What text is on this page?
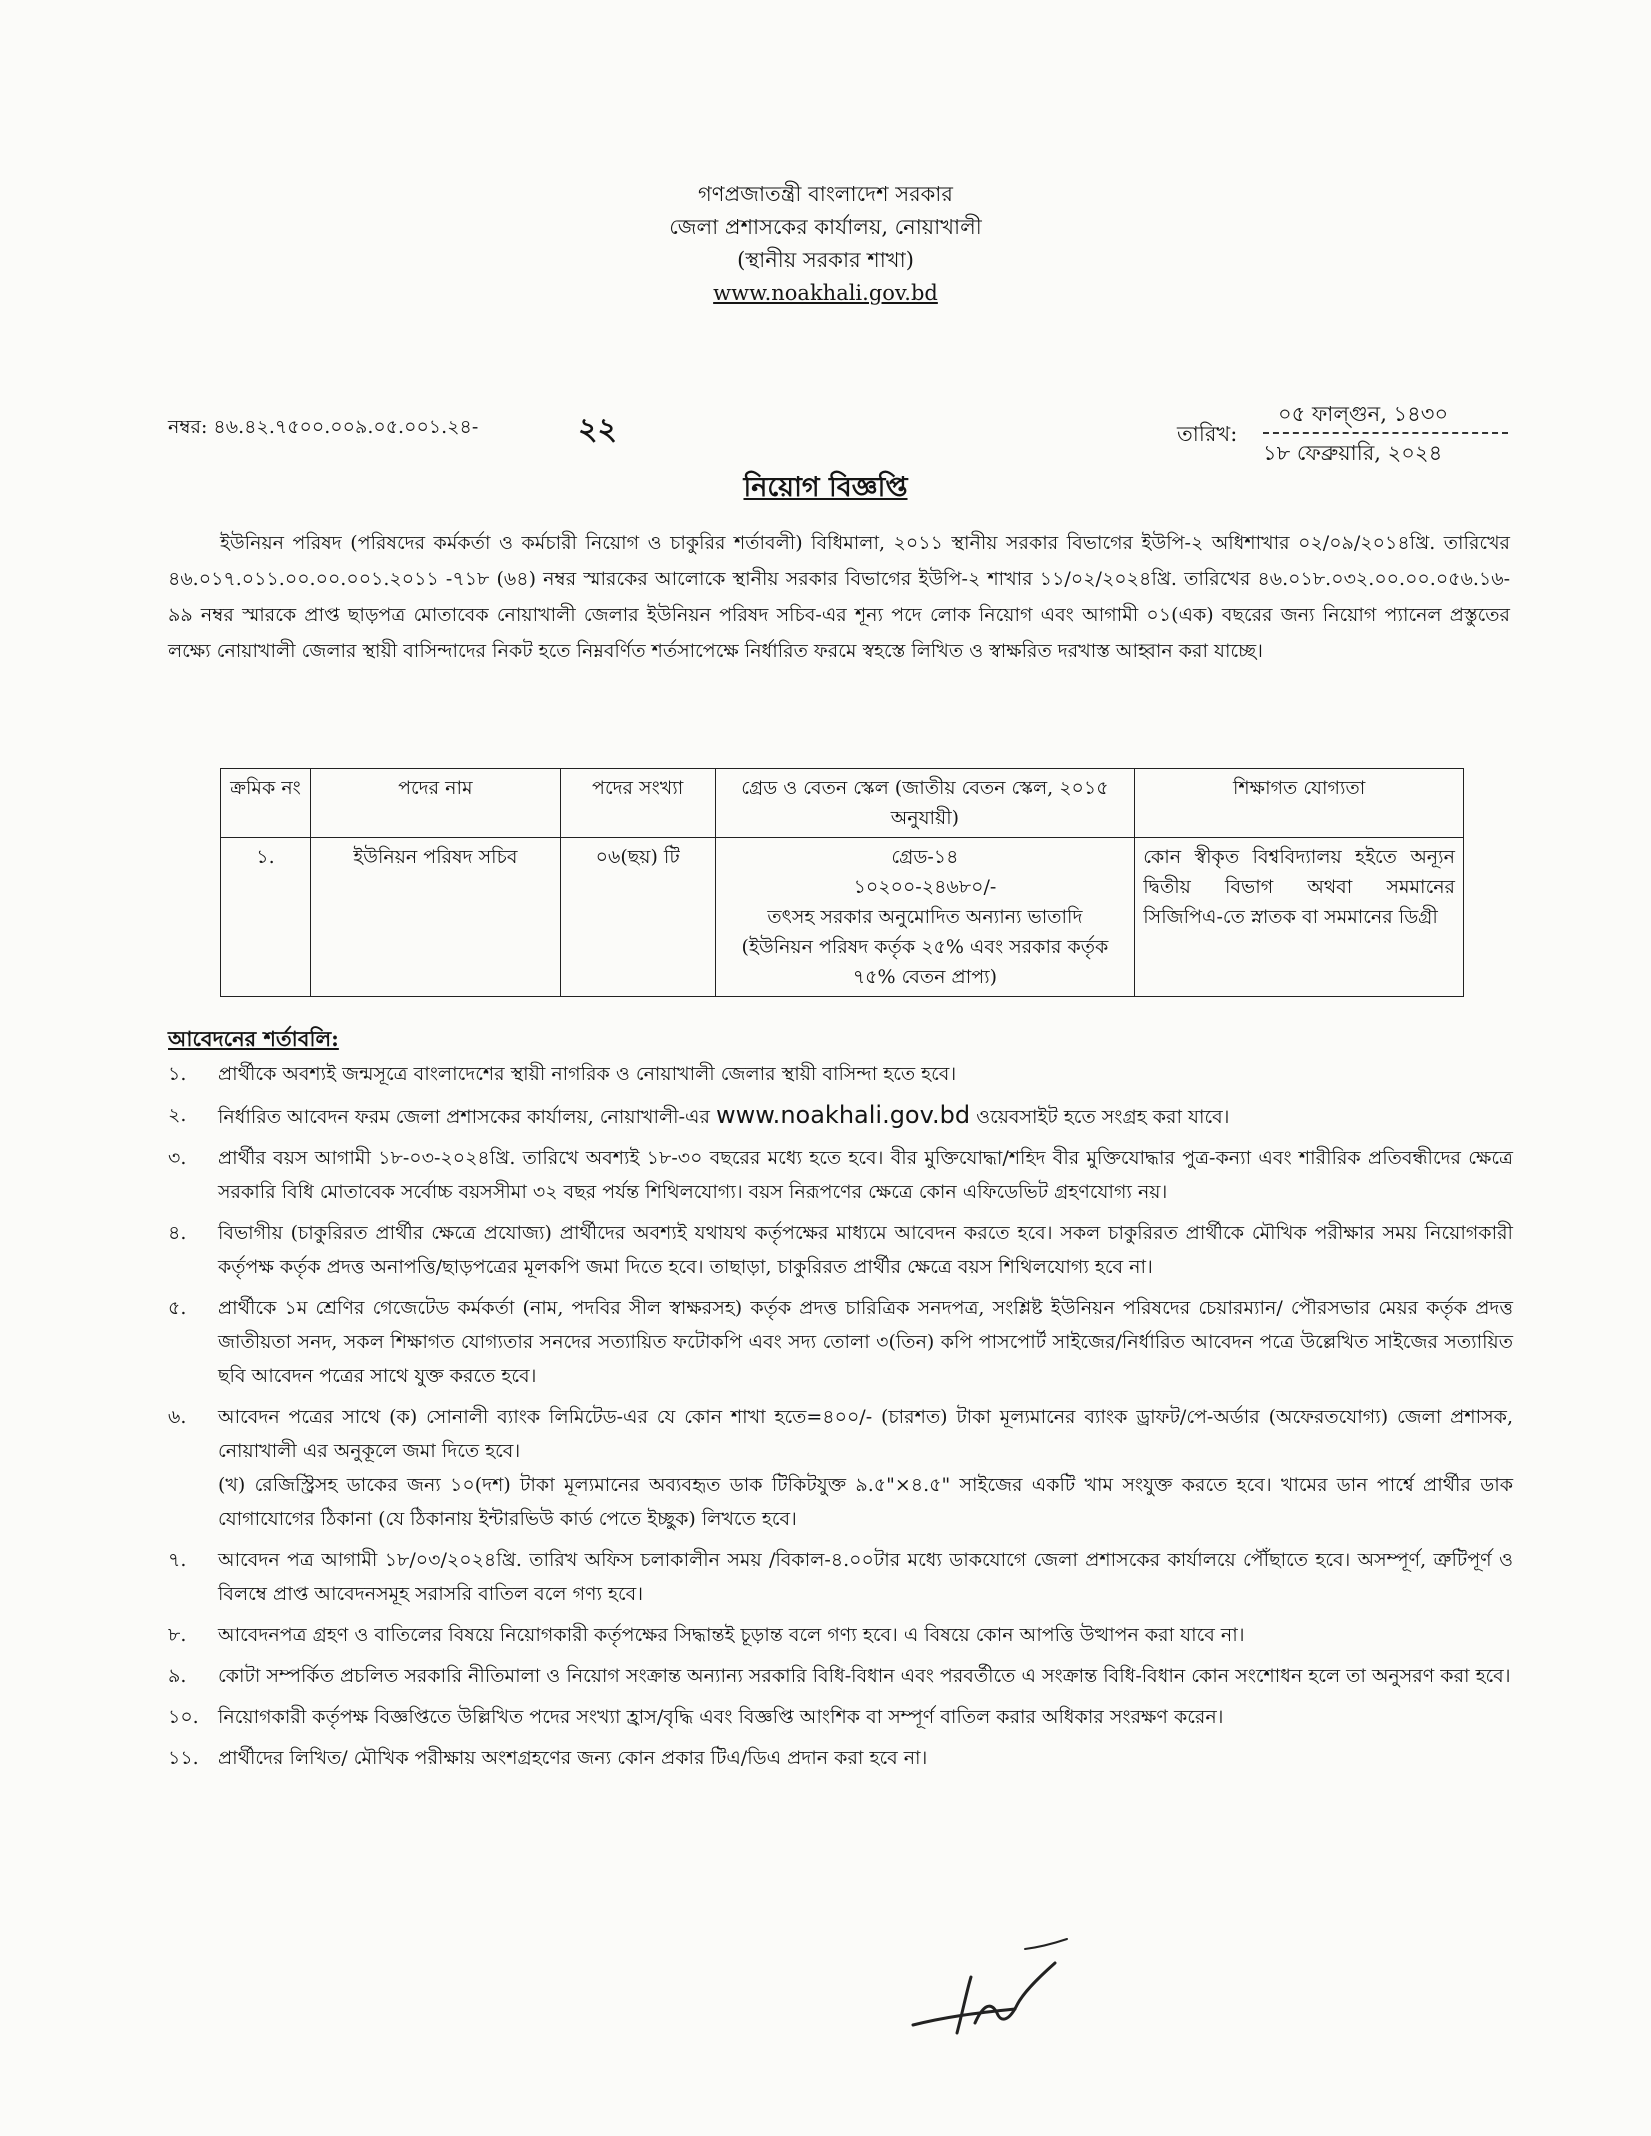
গণপ্রজাতন্ত্রী বাংলাদেশ সরকার
জেলা প্রশাসকের কার্যালয়, নোয়াখালী
(স্থানীয় সরকার শাখা)
www.noakhali.gov.bd
নম্বর: ৪৬.৪২.৭৫০০.০০৯.০৫.০০১.২৪-	২২	তারিখ:
০৫ ফাল্গুন, ১৪৩০
১৮ ফেব্রুয়ারি, ২০২৪
নিয়োগ বিজ্ঞপ্তি
ইউনিয়ন পরিষদ (পরিষদের কর্মকর্তা ও কর্মচারী নিয়োগ ও চাকুরির শর্তাবলী) বিধিমালা, ২০১১ স্থানীয় সরকার বিভাগের ইউপি-২ অধিশাখার ০২/০৯/২০১৪খ্রি. তারিখের ৪৬.০১৭.০১১.০০.০০.০০১.২০১১ -৭১৮ (৬৪) নম্বর স্মারকের আলোকে স্থানীয় সরকার বিভাগের ইউপি-২ শাখার ১১/০২/২০২৪খ্রি. তারিখের ৪৬.০১৮.০৩২.০০.০০.০৫৬.১৬- ৯৯ নম্বর স্মারকে প্রাপ্ত ছাড়পত্র মোতাবেক নোয়াখালী জেলার ইউনিয়ন পরিষদ সচিব-এর শূন্য পদে লোক নিয়োগ এবং আগামী ০১(এক) বছরের জন্য নিয়োগ প্যানেল প্রস্তুতের লক্ষ্যে নোয়াখালী জেলার স্থায়ী বাসিন্দাদের নিকট হতে নিম্নবর্ণিত শর্তসাপেক্ষে নির্ধারিত ফরমে স্বহস্তে লিখিত ও স্বাক্ষরিত দরখাস্ত আহ্বান করা যাচ্ছে।
ক্রমিক নং	পদের নাম	পদের সংখ্যা	গ্রেড ও বেতন স্কেল (জাতীয় বেতন স্কেল, ২০১৫ অনুযায়ী)	শিক্ষাগত যোগ্যতা
১.	ইউনিয়ন পরিষদ সচিব	০৬(ছয়) টি	গ্রেড-১৪
১০২০০-২৪৬৮০/-
তৎসহ সরকার অনুমোদিত অন্যান্য ভাতাদি
(ইউনিয়ন পরিষদ কর্তৃক ২৫% এবং সরকার কর্তৃক ৭৫% বেতন প্রাপ্য)	কোন স্বীকৃত বিশ্ববিদ্যালয় হইতে অন্যূন দ্বিতীয় বিভাগ অথবা সমমানের সিজিপিএ-তে স্নাতক বা সমমানের ডিগ্রী
আবেদনের শর্তাবলি:
১. প্রার্থীকে অবশ্যই জন্মসূত্রে বাংলাদেশের স্থায়ী নাগরিক ও নোয়াখালী জেলার স্থায়ী বাসিন্দা হতে হবে।
২. নির্ধারিত আবেদন ফরম জেলা প্রশাসকের কার্যালয়, নোয়াখালী-এর www.noakhali.gov.bd ওয়েবসাইট হতে সংগ্রহ করা যাবে।
৩. প্রার্থীর বয়স আগামী ১৮-০৩-২০২৪খ্রি. তারিখে অবশ্যই ১৮-৩০ বছরের মধ্যে হতে হবে। বীর মুক্তিযোদ্ধা/শহিদ বীর মুক্তিযোদ্ধার পুত্র-কন্যা এবং শারীরিক প্রতিবন্ধীদের ক্ষেত্রে সরকারি বিধি মোতাবেক সর্বোচ্চ বয়সসীমা ৩২ বছর পর্যন্ত শিথিলযোগ্য। বয়স নিরূপণের ক্ষেত্রে কোন এফিডেভিট গ্রহণযোগ্য নয়।
৪. বিভাগীয় (চাকুরিরত প্রার্থীর ক্ষেত্রে প্রযোজ্য) প্রার্থীদের অবশ্যই যথাযথ কর্তৃপক্ষের মাধ্যমে আবেদন করতে হবে। সকল চাকুরিরত প্রার্থীকে মৌখিক পরীক্ষার সময় নিয়োগকারী কর্তৃপক্ষ কর্তৃক প্রদত্ত অনাপত্তি/ছাড়পত্রের মূলকপি জমা দিতে হবে। তাছাড়া, চাকুরিরত প্রার্থীর ক্ষেত্রে বয়স শিথিলযোগ্য হবে না।
৫. প্রার্থীকে ১ম শ্রেণির গেজেটেড কর্মকর্তা (নাম, পদবির সীল স্বাক্ষরসহ) কর্তৃক প্রদত্ত চারিত্রিক সনদপত্র, সংশ্লিষ্ট ইউনিয়ন পরিষদের চেয়ারম্যান/ পৌরসভার মেয়র কর্তৃক প্রদত্ত জাতীয়তা সনদ, সকল শিক্ষাগত যোগ্যতার সনদের সত্যায়িত ফটোকপি এবং সদ্য তোলা ৩(তিন) কপি পাসপোর্ট সাইজের/নির্ধারিত আবেদন পত্রে উল্লেখিত সাইজের সত্যায়িত ছবি আবেদন পত্রের সাথে যুক্ত করতে হবে।
৬. আবেদন পত্রের সাথে (ক) সোনালী ব্যাংক লিমিটেড-এর যে কোন শাখা হতে=৪০০/- (চারশত) টাকা মূল্যমানের ব্যাংক ড্রাফট/পে-অর্ডার (অফেরতযোগ্য) জেলা প্রশাসক, নোয়াখালী এর অনুকূলে জমা দিতে হবে।
(খ) রেজিস্ট্রিসহ ডাকের জন্য ১০(দশ) টাকা মূল্যমানের অব্যবহৃত ডাক টিকিটযুক্ত ৯.৫"×৪.৫" সাইজের একটি খাম সংযুক্ত করতে হবে। খামের ডান পার্শ্বে প্রার্থীর ডাক যোগাযোগের ঠিকানা (যে ঠিকানায় ইন্টারভিউ কার্ড পেতে ইচ্ছুক) লিখতে হবে।
৭. আবেদন পত্র আগামী ১৮/০৩/২০২৪খ্রি. তারিখ অফিস চলাকালীন সময় /বিকাল-৪.০০টার মধ্যে ডাকযোগে জেলা প্রশাসকের কার্যালয়ে পৌঁছাতে হবে। অসম্পূর্ণ, ত্রুটিপূর্ণ ও বিলম্বে প্রাপ্ত আবেদনসমূহ সরাসরি বাতিল বলে গণ্য হবে।
৮. আবেদনপত্র গ্রহণ ও বাতিলের বিষয়ে নিয়োগকারী কর্তৃপক্ষের সিদ্ধান্তই চূড়ান্ত বলে গণ্য হবে। এ বিষয়ে কোন আপত্তি উত্থাপন করা যাবে না।
৯. কোটা সম্পর্কিত প্রচলিত সরকারি নীতিমালা ও নিয়োগ সংক্রান্ত অন্যান্য সরকারি বিধি-বিধান এবং পরবর্তীতে এ সংক্রান্ত বিধি-বিধান কোন সংশোধন হলে তা অনুসরণ করা হবে।
১০. নিয়োগকারী কর্তৃপক্ষ বিজ্ঞপ্তিতে উল্লিখিত পদের সংখ্যা হ্রাস/বৃদ্ধি এবং বিজ্ঞপ্তি আংশিক বা সম্পূর্ণ বাতিল করার অধিকার সংরক্ষণ করেন।
১১. প্রার্থীদের লিখিত/ মৌখিক পরীক্ষায় অংশগ্রহণের জন্য কোন প্রকার টিএ/ডিএ প্রদান করা হবে না।
